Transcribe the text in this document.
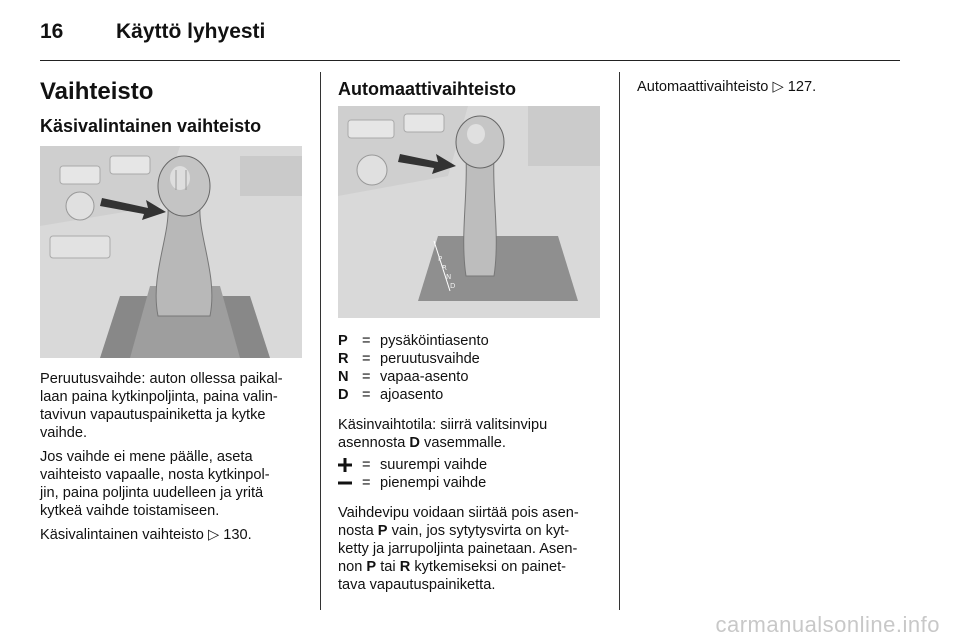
16	Käyttö lyhyesti
Vaihteisto
Käsivalintainen vaihteisto
Peruutusvaihde: auton ollessa paikal-
laan paina kytkinpoljinta, paina valin-
tavivun vapautuspainiketta ja kytke
vaihde.
Jos vaihde ei mene päälle, aseta
vaihteisto vapaalle, nosta kytkinpol-
jin, paina poljinta uudelleen ja yritä
kytkeä vaihde toistamiseen.
Käsivalintainen vaihteisto ▷ 130.
Automaattivaihteisto
P
R
N
D
P = pysäköintiasento
R = peruutusvaihde
N = vapaa-asento
D = ajoasento
Käsinvaihtotila: siirrä valitsinvipu
asennosta D vasemmalle.
= suurempi vaihde
= pienempi vaihde
Vaihdevipu voidaan siirtää pois asen-
nosta P vain, jos sytytysvirta on kyt-
ketty ja jarrupoljinta painetaan. Asen-
non P tai R kytkemiseksi on painet-
tava vapautuspainiketta.
Automaattivaihteisto ▷ 127.
carmanualsonline.info
